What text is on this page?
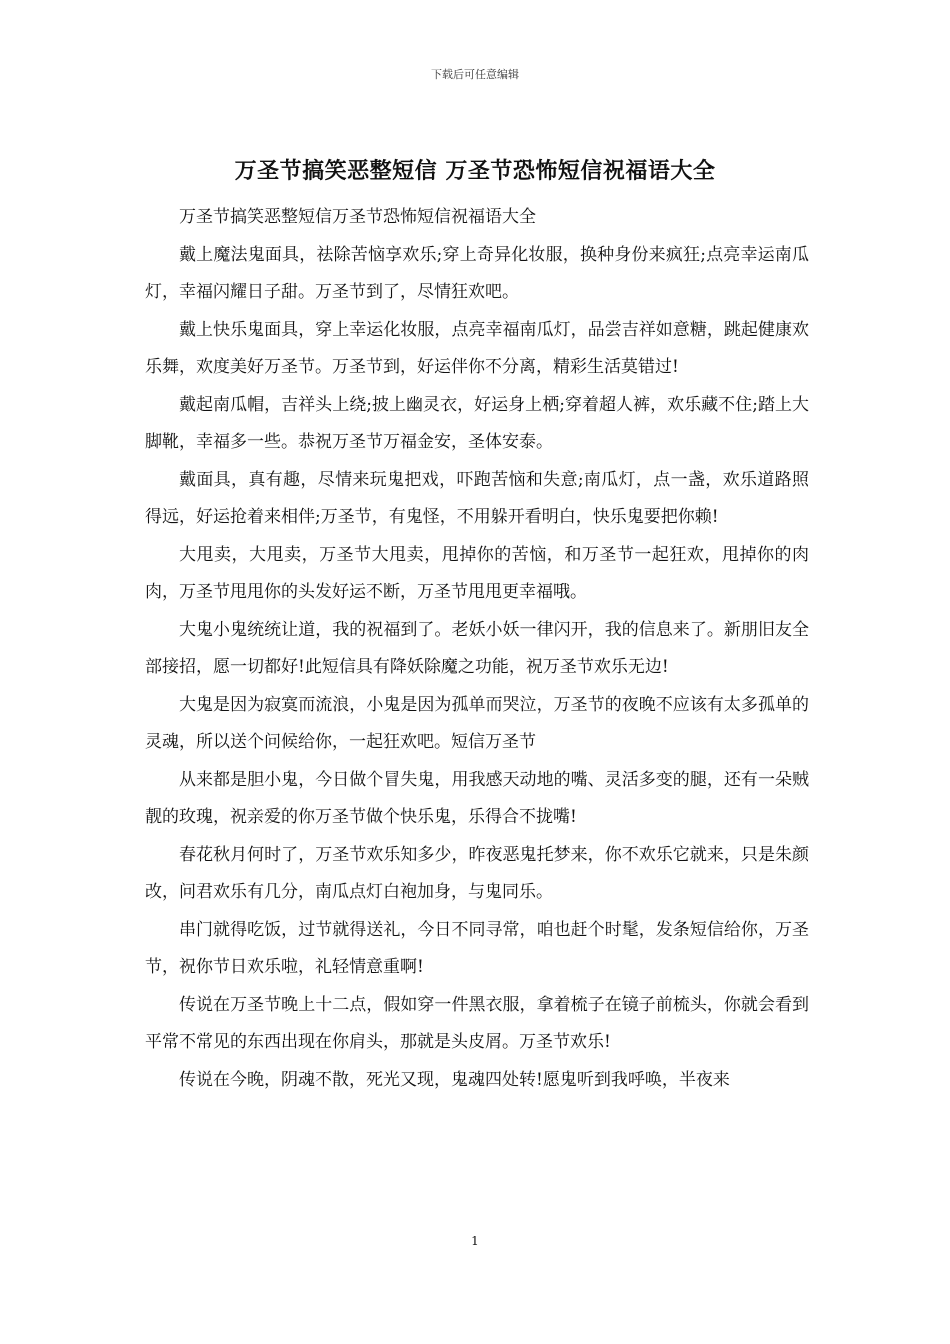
下载后可任意编辑
万圣节搞笑恶整短信 万圣节恐怖短信祝福语大全

万圣节搞笑恶整短信万圣节恐怖短信祝福语大全

戴上魔法鬼面具，祛除苦恼享欢乐;穿上奇异化妆服，换种身份来疯狂;点亮幸运南瓜灯，幸福闪耀日子甜。万圣节到了，尽情狂欢吧。

戴上快乐鬼面具，穿上幸运化妆服，点亮幸福南瓜灯，品尝吉祥如意糖，跳起健康欢乐舞，欢度美好万圣节。万圣节到，好运伴你不分离，精彩生活莫错过!

戴起南瓜帽，吉祥头上绕;披上幽灵衣，好运身上栖;穿着超人裤，欢乐藏不住;踏上大脚靴，幸福多一些。恭祝万圣节万福金安，圣体安泰。

戴面具，真有趣，尽情来玩鬼把戏，吓跑苦恼和失意;南瓜灯，点一盏，欢乐道路照得远，好运抢着来相伴;万圣节，有鬼怪，不用躲开看明白，快乐鬼要把你赖!

大甩卖，大甩卖，万圣节大甩卖，甩掉你的苦恼，和万圣节一起狂欢，甩掉你的肉肉，万圣节甩甩你的头发好运不断，万圣节甩甩更幸福哦。

大鬼小鬼统统让道，我的祝福到了。老妖小妖一律闪开，我的信息来了。新朋旧友全部接招，愿一切都好!此短信具有降妖除魔之功能，祝万圣节欢乐无边!

大鬼是因为寂寞而流浪，小鬼是因为孤单而哭泣，万圣节的夜晚不应该有太多孤单的灵魂，所以送个问候给你，一起狂欢吧。短信万圣节

从来都是胆小鬼，今日做个冒失鬼，用我感天动地的嘴、灵活多变的腿，还有一朵贼靓的玫瑰，祝亲爱的你万圣节做个快乐鬼，乐得合不拢嘴!

春花秋月何时了，万圣节欢乐知多少，昨夜恶鬼托梦来，你不欢乐它就来，只是朱颜改，问君欢乐有几分，南瓜点灯白袍加身，与鬼同乐。

串门就得吃饭，过节就得送礼，今日不同寻常，咱也赶个时髦，发条短信给你，万圣节，祝你节日欢乐啦，礼轻情意重啊!

传说在万圣节晚上十二点，假如穿一件黑衣服，拿着梳子在镜子前梳头，你就会看到平常不常见的东西出现在你肩头，那就是头皮屑。万圣节欢乐!

传说在今晚，阴魂不散，死光又现，鬼魂四处转!愿鬼听到我呼唤，半夜来

1
